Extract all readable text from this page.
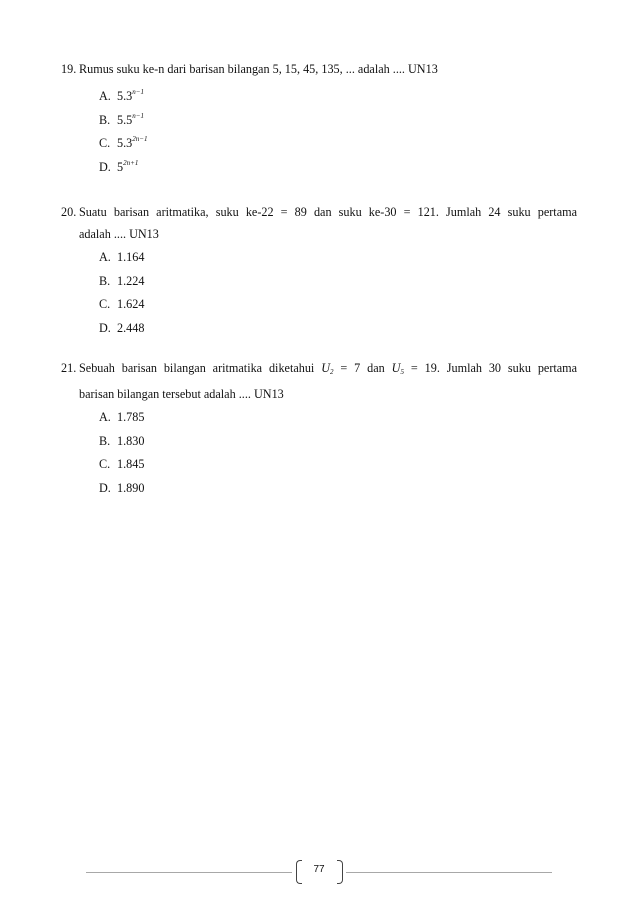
19. Rumus suku ke-n dari barisan bilangan 5, 15, 45, 135, ... adalah .... UN13
A. $5.3^{n-1}$
B. $5.5^{n-1}$
C. $5.3^{2n-1}$
D. $5^{2n+1}$
20. Suatu barisan aritmatika, suku ke-22 = 89 dan suku ke-30 = 121. Jumlah 24 suku pertama
adalah .... UN13
A. 1.164
B. 1.224
C. 1.624
D. 2.448
21. Sebuah barisan bilangan aritmatika diketahui $U_2 = 7$ dan $U_5 = 19$. Jumlah 30 suku pertama
barisan bilangan tersebut adalah .... UN13
A. 1.785
B. 1.830
C. 1.845
D. 1.890
77
